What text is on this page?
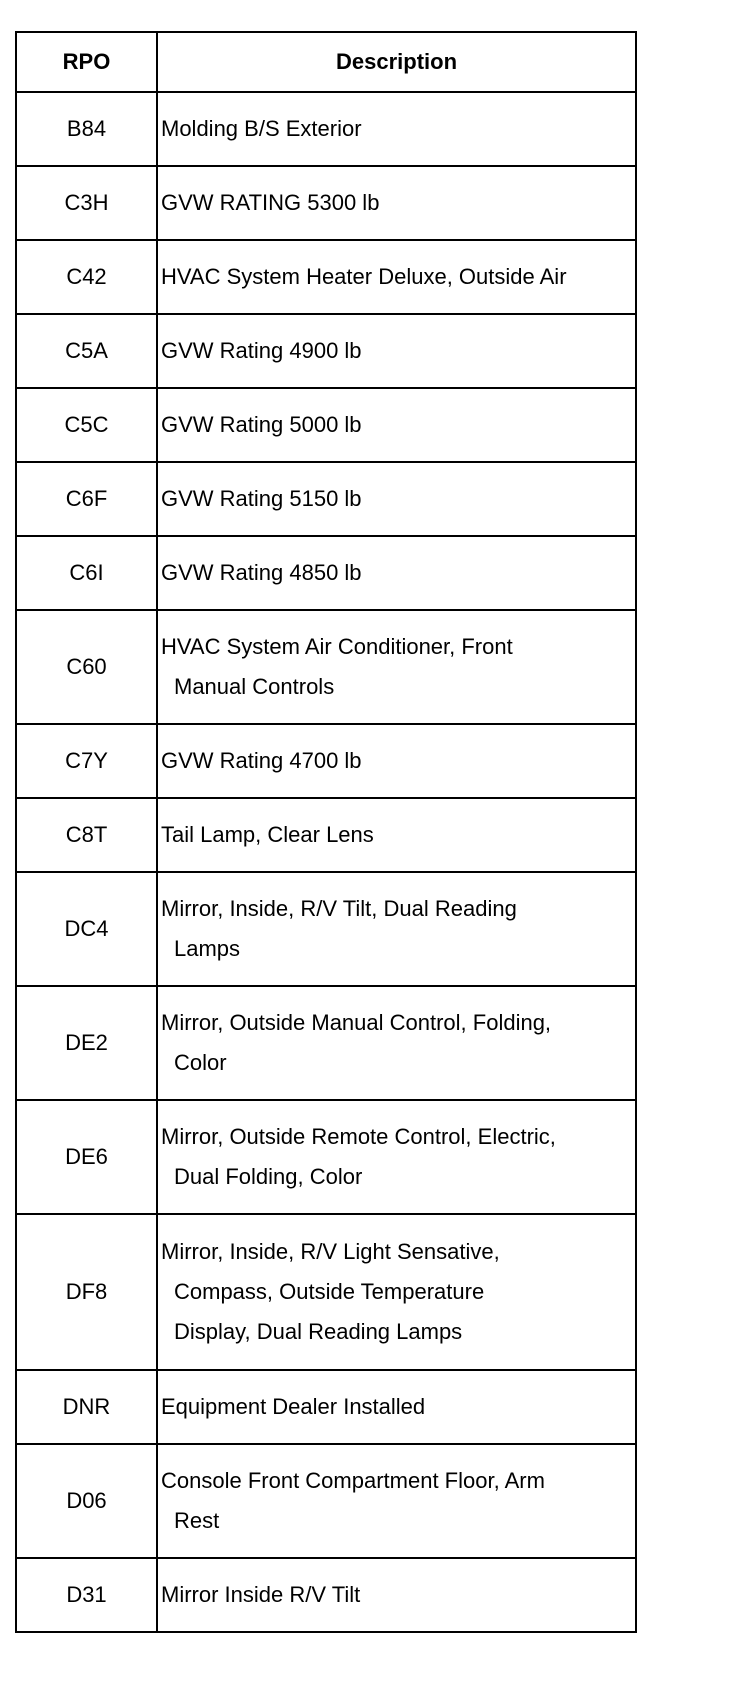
RPO	Description
B84	Molding B/S Exterior

C3H	GVW RATING 5300 lb

C42	HVAC System Heater Deluxe, Outside Air

C5A	GVW Rating 4900 lb

C5C	GVW Rating 5000 lb

C6F	GVW Rating 5150 lb

C6I	GVW Rating 4850 lb

C60	HVAC System Air Conditioner, Front
Manual Controls

C7Y	GVW Rating 4700 lb

C8T	Tail Lamp, Clear Lens

DC4	Mirror, Inside, R/V Tilt, Dual Reading
Lamps

DE2	Mirror, Outside Manual Control, Folding,
Color

DE6	Mirror, Outside Remote Control, Electric,
Dual Folding, Color

DF8	Mirror, Inside, R/V Light Sensative,
Compass, Outside Temperature
Display, Dual Reading Lamps

DNR	Equipment Dealer Installed

D06	Console Front Compartment Floor, Arm
Rest

D31	Mirror Inside R/V Tilt
